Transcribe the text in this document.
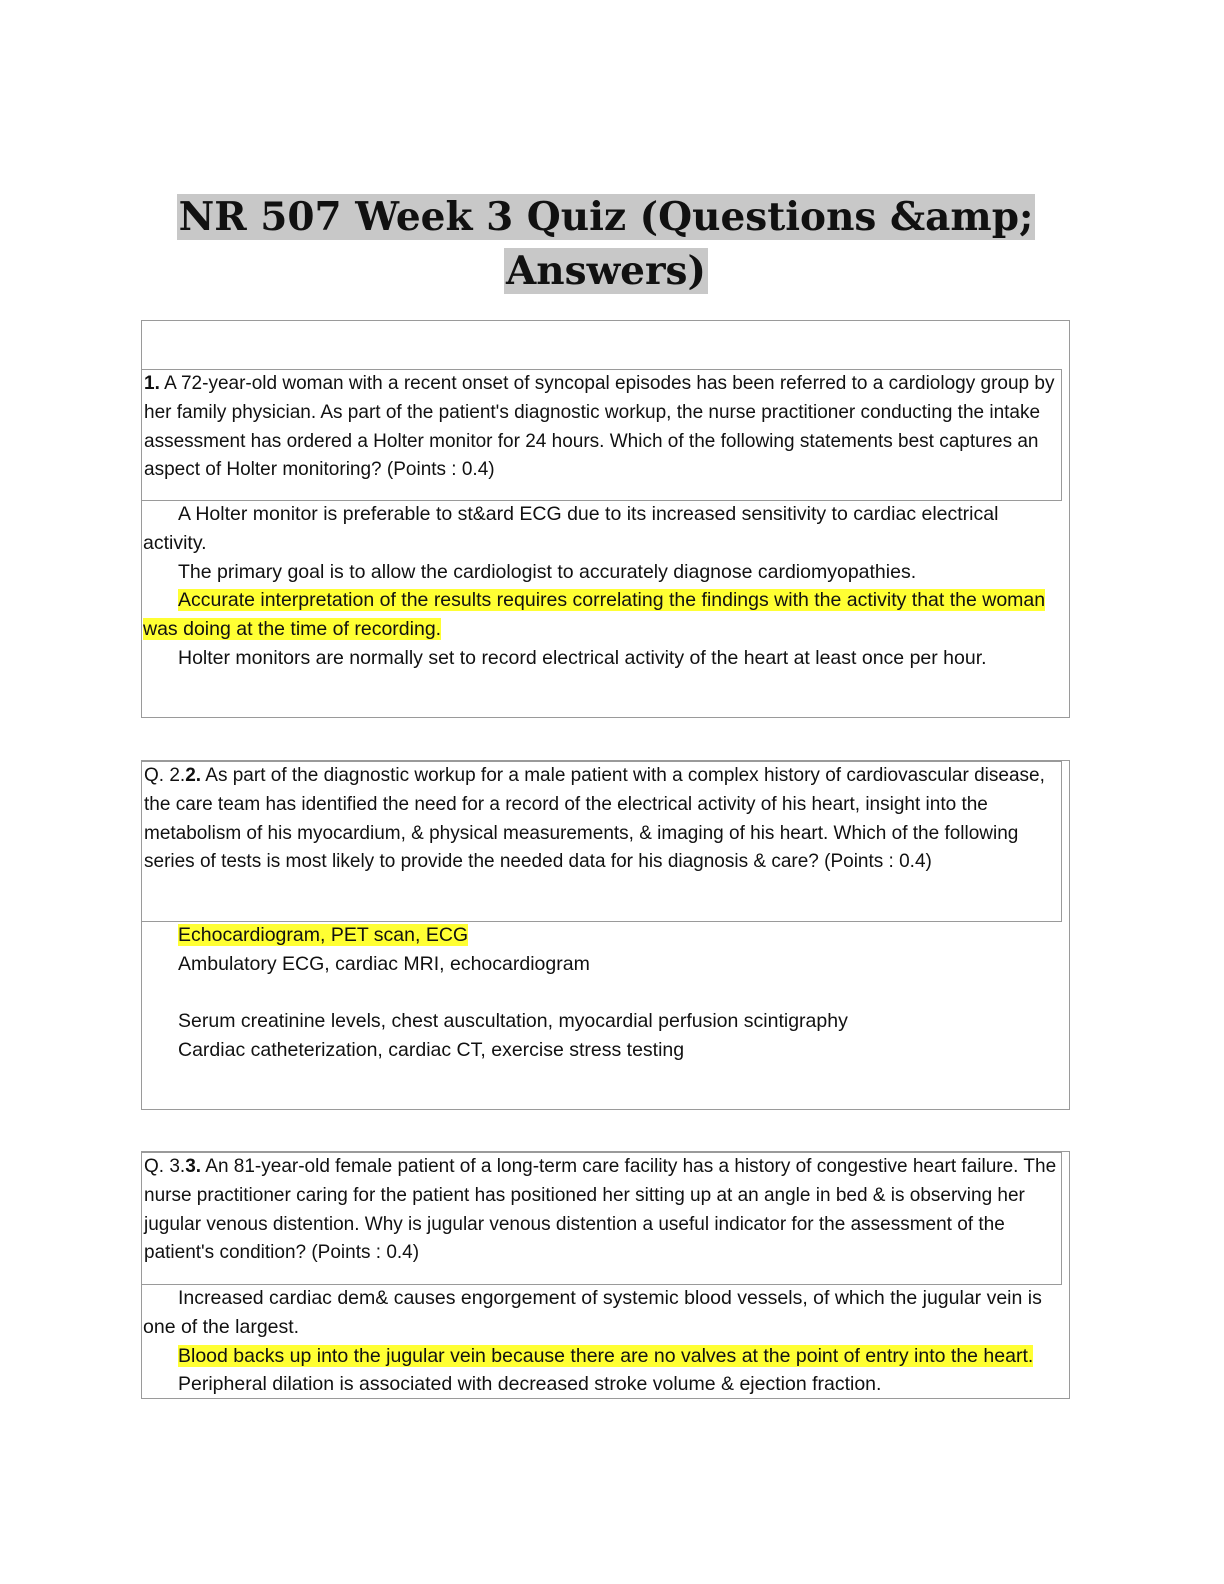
NR 507 Week 3 Quiz (Questions &amp;
Answers)
1. A 72-year-old woman with a recent onset of syncopal episodes has been referred to a cardiology group by her family physician. As part of the patient's diagnostic workup, the nurse practitioner conducting the intake assessment has ordered a Holter monitor for 24 hours. Which of the following statements best captures an aspect of Holter monitoring? (Points : 0.4)
A Holter monitor is preferable to st&ard ECG due to its increased sensitivity to cardiac electrical activity.
The primary goal is to allow the cardiologist to accurately diagnose cardiomyopathies.
Accurate interpretation of the results requires correlating the findings with the activity that the woman was doing at the time of recording.
Holter monitors are normally set to record electrical activity of the heart at least once per hour.
Q. 2.2. As part of the diagnostic workup for a male patient with a complex history of cardiovascular disease, the care team has identified the need for a record of the electrical activity of his heart, insight into the metabolism of his myocardium, & physical measurements, & imaging of his heart. Which of the following series of tests is most likely to provide the needed data for his diagnosis & care? (Points : 0.4)
Echocardiogram, PET scan, ECG
Ambulatory ECG, cardiac MRI, echocardiogram
Serum creatinine levels, chest auscultation, myocardial perfusion scintigraphy
Cardiac catheterization, cardiac CT, exercise stress testing
Q. 3.3. An 81-year-old female patient of a long-term care facility has a history of congestive heart failure. The nurse practitioner caring for the patient has positioned her sitting up at an angle in bed & is observing her jugular venous distention. Why is jugular venous distention a useful indicator for the assessment of the patient's condition? (Points : 0.4)
Increased cardiac dem& causes engorgement of systemic blood vessels, of which the jugular vein is one of the largest.
Blood backs up into the jugular vein because there are no valves at the point of entry into the heart.
Peripheral dilation is associated with decreased stroke volume & ejection fraction.
